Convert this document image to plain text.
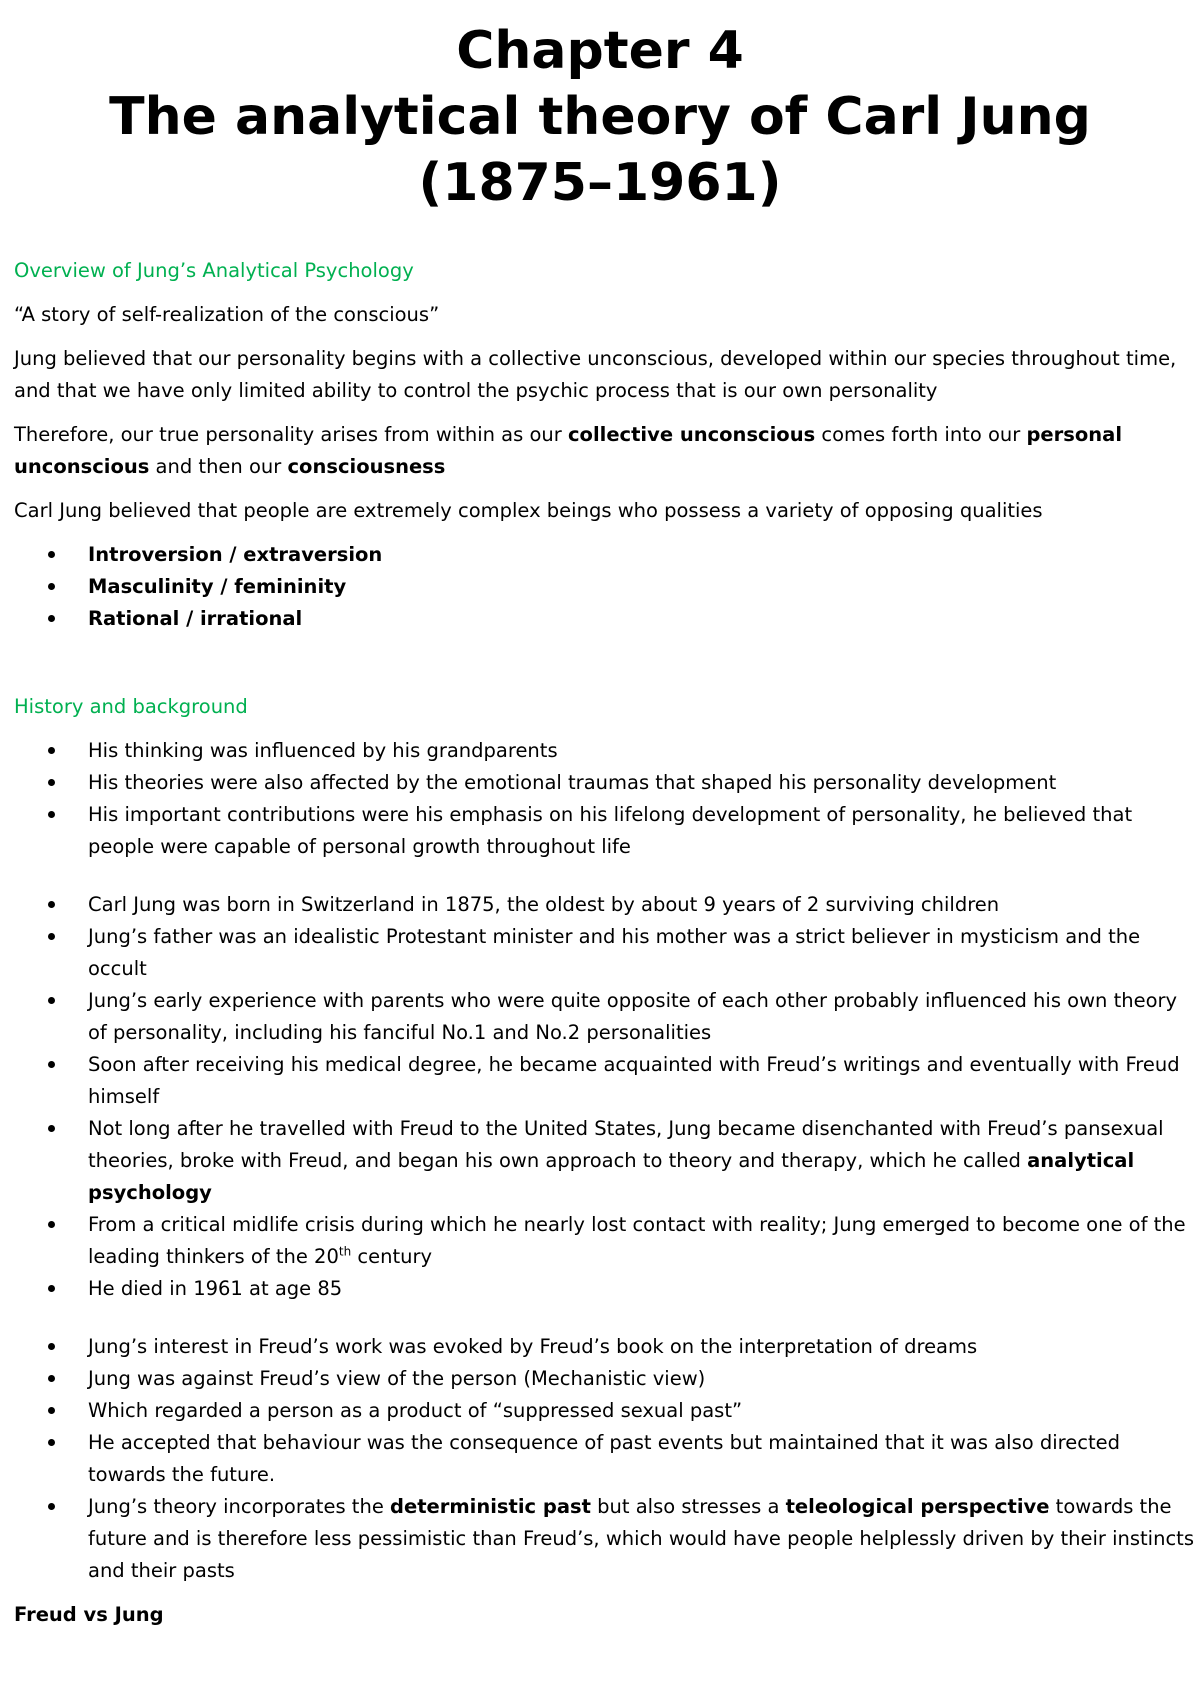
Chapter 4
The analytical theory of Carl Jung
(1875–1961)

Overview of Jung’s Analytical Psychology

“A story of self-realization of the conscious”

Jung believed that our personality begins with a collective unconscious, developed within our species throughout time, and that we have only limited ability to control the psychic process that is our own personality

Therefore, our true personality arises from within as our collective unconscious comes forth into our personal unconscious and then our consciousness

Carl Jung believed that people are extremely complex beings who possess a variety of opposing qualities

Introversion / extraversion
Masculinity / femininity
Rational / irrational

History and background

His thinking was influenced by his grandparents
His theories were also affected by the emotional traumas that shaped his personality development
His important contributions were his emphasis on his lifelong development of personality, he believed that people were capable of personal growth throughout life
Carl Jung was born in Switzerland in 1875, the oldest by about 9 years of 2 surviving children
Jung’s father was an idealistic Protestant minister and his mother was a strict believer in mysticism and the occult
Jung’s early experience with parents who were quite opposite of each other probably influenced his own theory of personality, including his fanciful No.1 and No.2 personalities
Soon after receiving his medical degree, he became acquainted with Freud’s writings and eventually with Freud himself
Not long after he travelled with Freud to the United States, Jung became disenchanted with Freud’s pansexual theories, broke with Freud, and began his own approach to theory and therapy, which he called analytical psychology
From a critical midlife crisis during which he nearly lost contact with reality; Jung emerged to become one of the leading thinkers of the 20th century
He died in 1961 at age 85
Jung’s interest in Freud’s work was evoked by Freud’s book on the interpretation of dreams
Jung was against Freud’s view of the person (Mechanistic view)
Which regarded a person as a product of “suppressed sexual past”
He accepted that behaviour was the consequence of past events but maintained that it was also directed towards the future.
Jung’s theory incorporates the deterministic past but also stresses a teleological perspective towards the future and is therefore less pessimistic than Freud’s, which would have people helplessly driven by their instincts and their pasts

Freud vs Jung
